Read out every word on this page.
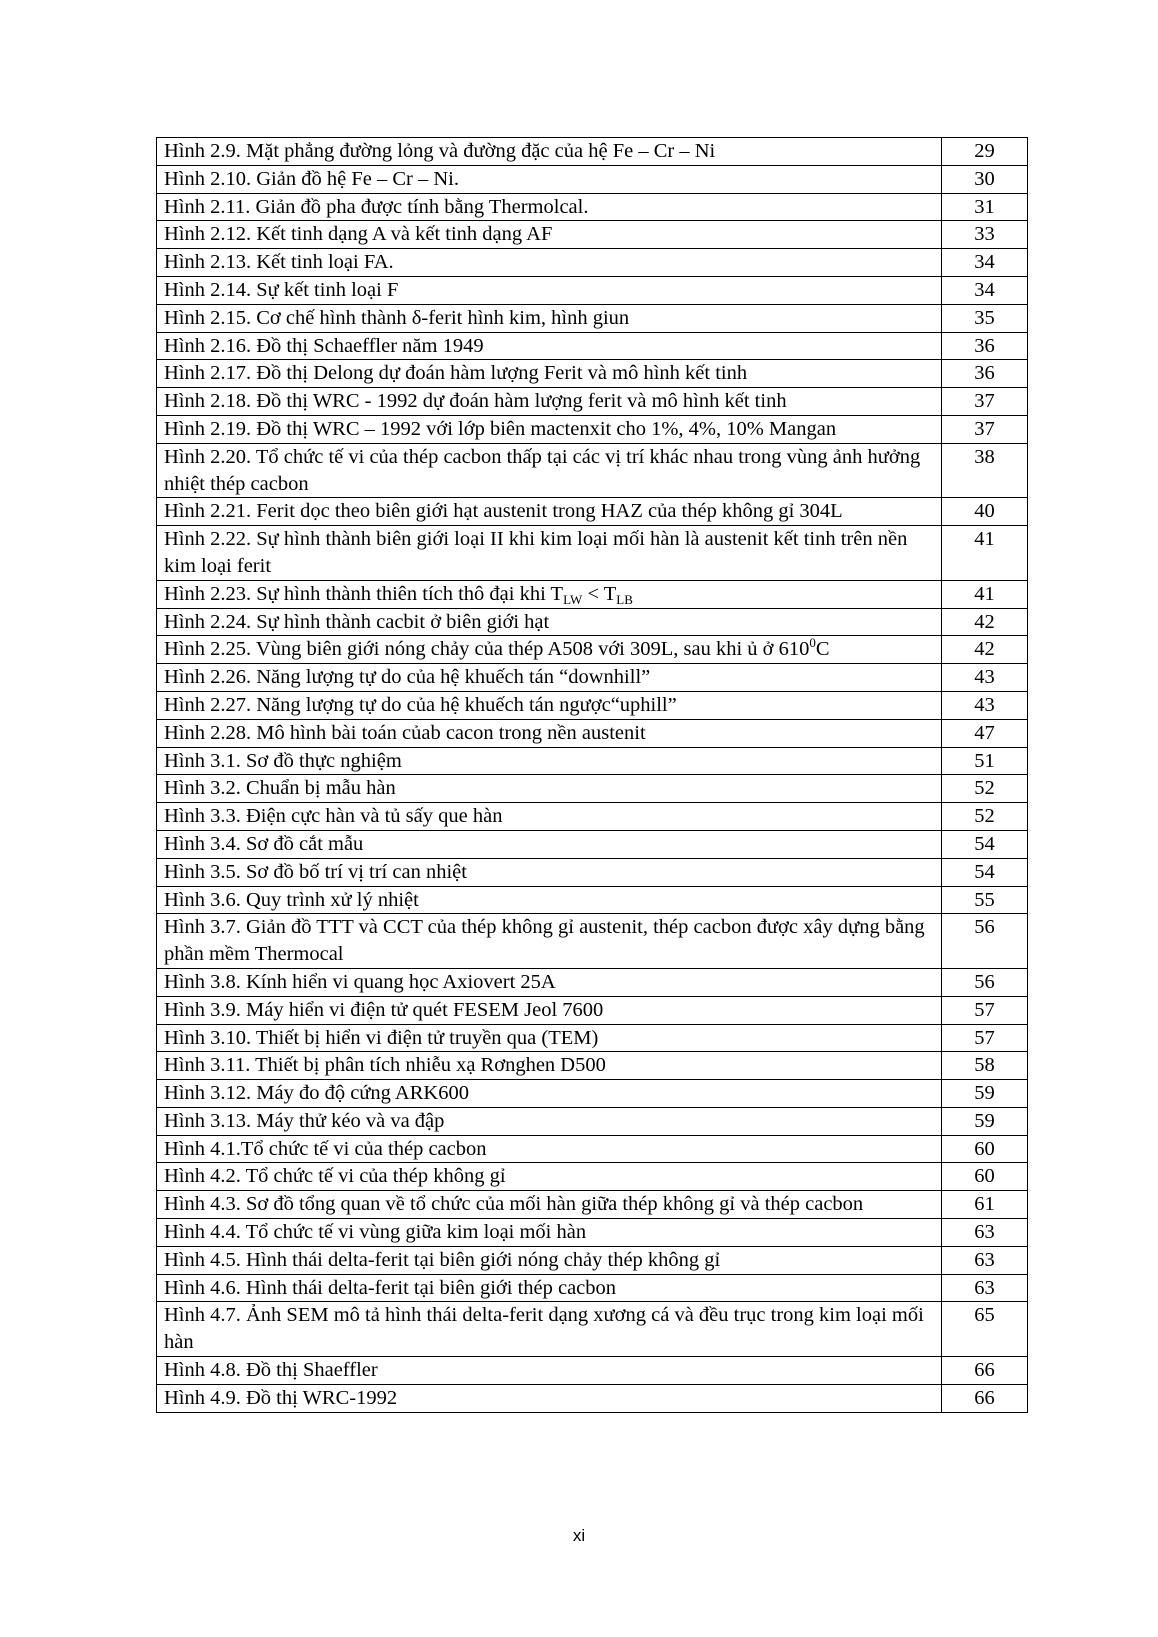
Hình 2.9. Mặt phẳng đường lỏng và đường đặc của hệ Fe – Cr – Ni	29
Hình 2.10. Giản đồ hệ Fe – Cr – Ni.	30
Hình 2.11. Giản đồ pha được tính bằng Thermolcal.	31
Hình 2.12. Kết tinh dạng A và kết tinh dạng AF	33
Hình 2.13. Kết tinh loại FA.	34
Hình 2.14. Sự kết tinh loại F	34
Hình 2.15. Cơ chế hình thành δ-ferit hình kim, hình giun	35
Hình 2.16. Đồ thị Schaeffler năm 1949	36
Hình 2.17. Đồ thị Delong dự đoán hàm lượng Ferit và mô hình kết tinh	36
Hình 2.18. Đồ thị WRC - 1992 dự đoán hàm lượng ferit và mô hình kết tinh	37
Hình 2.19. Đồ thị WRC – 1992 với lớp biên mactenxit cho 1%, 4%, 10% Mangan	37
Hình 2.20. Tổ chức tế vi của thép cacbon thấp tại các vị trí khác nhau trong vùng ảnh hưởng nhiệt thép cacbon	38
Hình 2.21. Ferit dọc theo biên giới hạt austenit trong HAZ của thép không gỉ 304L	40
Hình 2.22. Sự hình thành biên giới loại II khi kim loại mối hàn là austenit kết tinh trên nền kim loại ferit	41
Hình 2.23. Sự hình thành thiên tích thô đại khi $T_{LW} < T_{LB}$	41
Hình 2.24. Sự hình thành cacbit ở biên giới hạt	42
Hình 2.25. Vùng biên giới nóng chảy của thép A508 với 309L, sau khi ủ ở $610^0C$	42
Hình 2.26. Năng lượng tự do của hệ khuếch tán “downhill”	43
Hình 2.27. Năng lượng tự do của hệ khuếch tán ngược“uphill”	43
Hình 2.28. Mô hình bài toán củab cacon trong nền austenit	47
Hình 3.1. Sơ đồ thực nghiệm	51
Hình 3.2. Chuẩn bị mẫu hàn	52
Hình 3.3. Điện cực hàn và tủ sấy que hàn	52
Hình 3.4. Sơ đồ cắt mẫu	54
Hình 3.5. Sơ đồ bố trí vị trí can nhiệt	54
Hình 3.6. Quy trình xử lý nhiệt	55
Hình 3.7. Giản đồ TTT và CCT của thép không gỉ austenit, thép cacbon được xây dựng bằng phần mềm Thermocal	56
Hình 3.8. Kính hiển vi quang học Axiovert 25A	56
Hình 3.9. Máy hiển vi điện tử quét FESEM Jeol 7600	57
Hình 3.10. Thiết bị hiển vi điện tử truyền qua (TEM)	57
Hình 3.11. Thiết bị phân tích nhiễu xạ Rơnghen D500	58
Hình 3.12. Máy đo độ cứng ARK600	59
Hình 3.13. Máy thử kéo và va đập	59
Hình 4.1.Tổ chức tế vi của thép cacbon	60
Hình 4.2. Tổ chức tế vi của thép không gỉ	60
Hình 4.3. Sơ đồ tổng quan về tổ chức của mối hàn giữa thép không gỉ và thép cacbon	61
Hình 4.4. Tổ chức tế vi vùng giữa kim loại mối hàn	63
Hình 4.5. Hình thái delta-ferit tại biên giới nóng chảy thép không gỉ	63
Hình 4.6. Hình thái delta-ferit tại biên giới thép cacbon	63
Hình 4.7. Ảnh SEM mô tả hình thái delta-ferit dạng xương cá và đều trục trong kim loại mối hàn	65
Hình 4.8. Đồ thị Shaeffler	66
Hình 4.9. Đồ thị WRC-1992	66
xi
